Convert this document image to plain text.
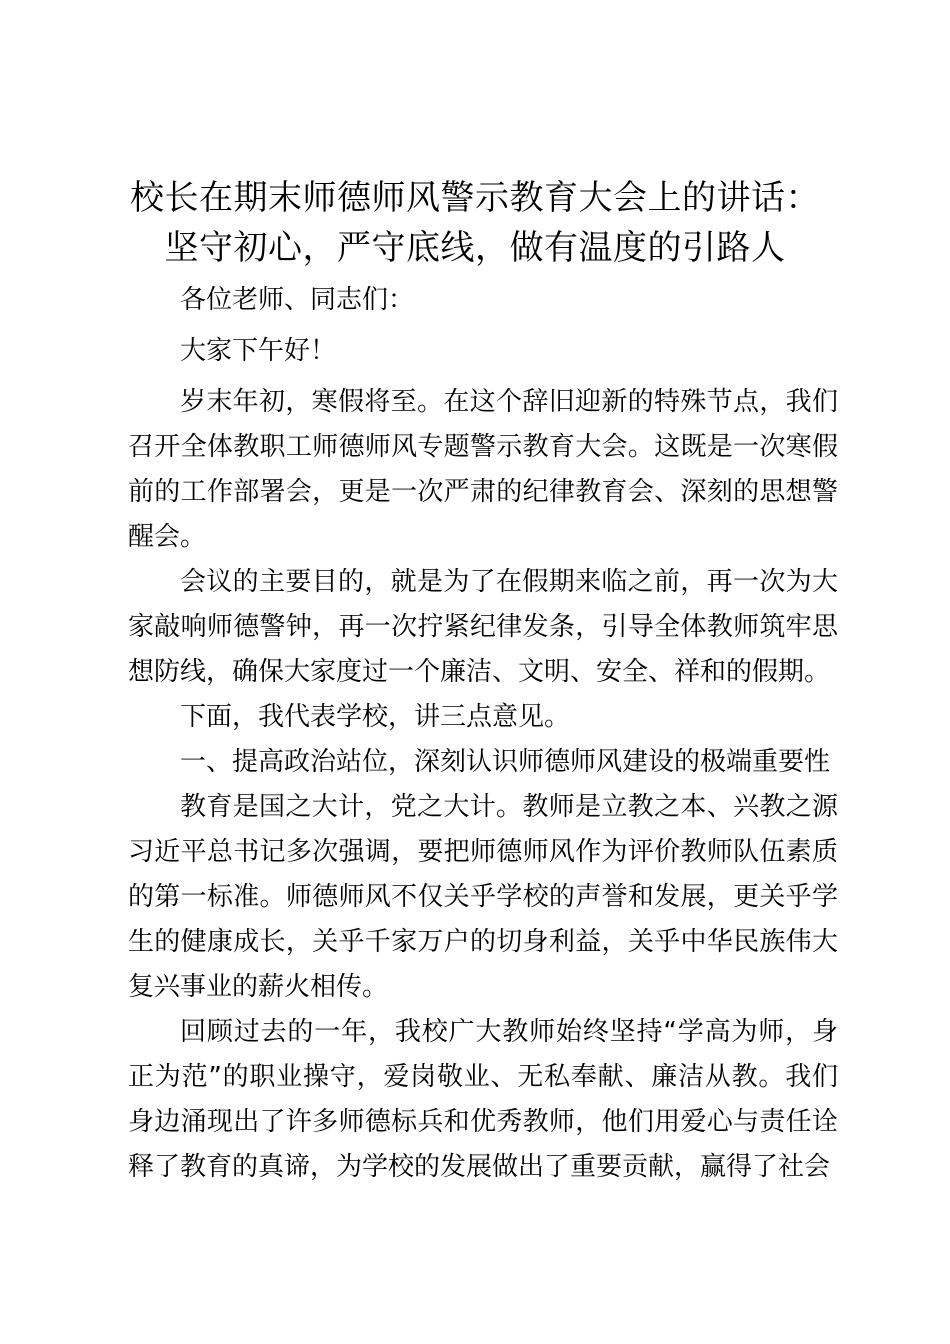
校长在期末师德师风警示教育大会上的讲话：
坚守初心，严守底线，做有温度的引路人

各位老师、同志们：

大家下午好！

岁末年初，寒假将至。在这个辞旧迎新的特殊节点，我们召开全体教职工师德师风专题警示教育大会。这既是一次寒假前的工作部署会，更是一次严肃的纪律教育会、深刻的思想警醒会。

会议的主要目的，就是为了在假期来临之前，再一次为大家敲响师德警钟，再一次拧紧纪律发条，引导全体教师筑牢思想防线，确保大家度过一个廉洁、文明、安全、祥和的假期。

下面，我代表学校，讲三点意见。

一、提高政治站位，深刻认识师德师风建设的极端重要性

教育是国之大计，党之大计。教师是立教之本、兴教之源习近平总书记多次强调，要把师德师风作为评价教师队伍素质的第一标准。师德师风不仅关乎学校的声誉和发展，更关乎学生的健康成长，关乎千家万户的切身利益，关乎中华民族伟大复兴事业的薪火相传。

回顾过去的一年，我校广大教师始终坚持“学高为师，身正为范”的职业操守，爱岗敬业、无私奉献、廉洁从教。我们身边涌现出了许多师德标兵和优秀教师，他们用爱心与责任诠释了教育的真谛，为学校的发展做出了重要贡献，赢得了社会
